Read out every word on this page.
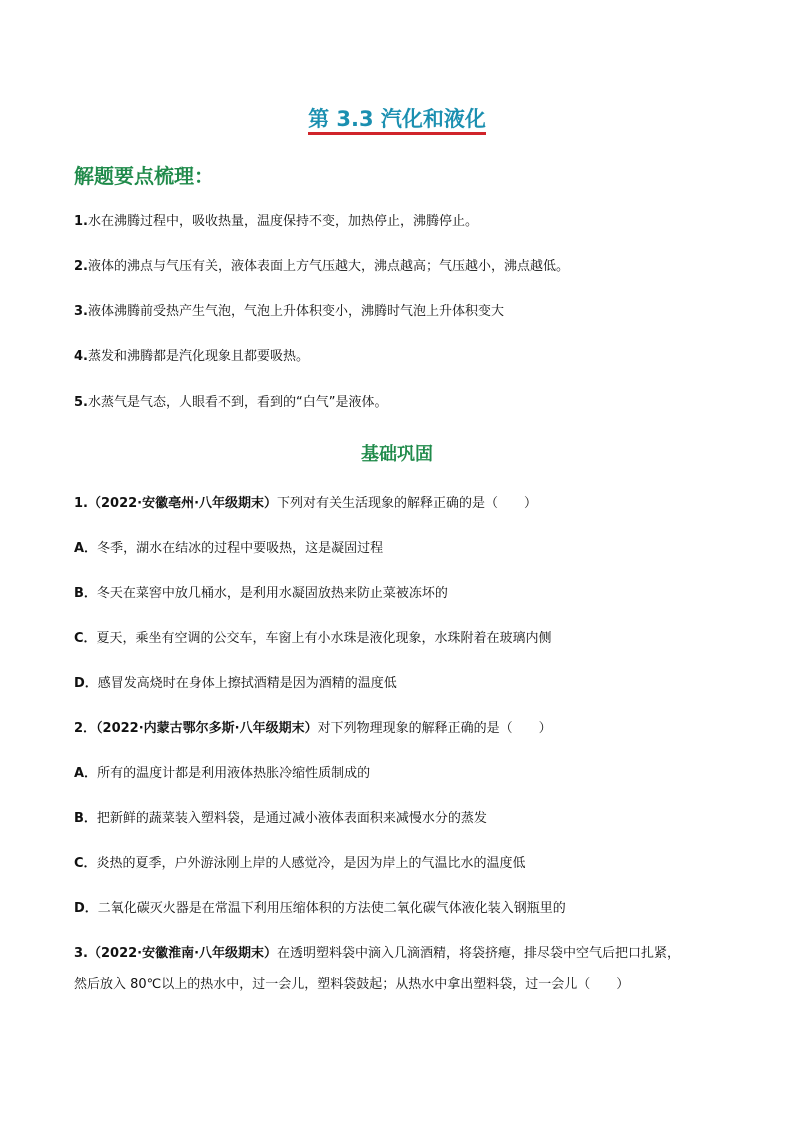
第 3.3 汽化和液化
解题要点梳理：
1.水在沸腾过程中，吸收热量，温度保持不变，加热停止，沸腾停止。
2.液体的沸点与气压有关，液体表面上方气压越大，沸点越高；气压越小，沸点越低。
3.液体沸腾前受热产生气泡，气泡上升体积变小，沸腾时气泡上升体积变大
4.蒸发和沸腾都是汽化现象且都要吸热。
5.水蒸气是气态，人眼看不到，看到的“白气”是液体。
基础巩固
1.（2022·安徽亳州·八年级期末）下列对有关生活现象的解释正确的是（　　）
A．冬季，湖水在结冰的过程中要吸热，这是凝固过程
B．冬天在菜窖中放几桶水，是利用水凝固放热来防止菜被冻坏的
C．夏天，乘坐有空调的公交车，车窗上有小水珠是液化现象，水珠附着在玻璃内侧
D．感冒发高烧时在身体上擦拭酒精是因为酒精的温度低
2．（2022·内蒙古鄂尔多斯·八年级期末）对下列物理现象的解释正确的是（　　）
A．所有的温度计都是利用液体热胀冷缩性质制成的
B．把新鲜的蔬菜装入塑料袋，是通过减小液体表面积来减慢水分的蒸发
C．炎热的夏季，户外游泳刚上岸的人感觉冷，是因为岸上的气温比水的温度低
D．二氧化碳灭火器是在常温下利用压缩体积的方法使二氧化碳气体液化装入钢瓶里的
3.（2022·安徽淮南·八年级期末）在透明塑料袋中滴入几滴酒精，将袋挤瘪，排尽袋中空气后把口扎紧，
然后放入 80℃以上的热水中，过一会儿，塑料袋鼓起；从热水中拿出塑料袋，过一会儿（　　）
